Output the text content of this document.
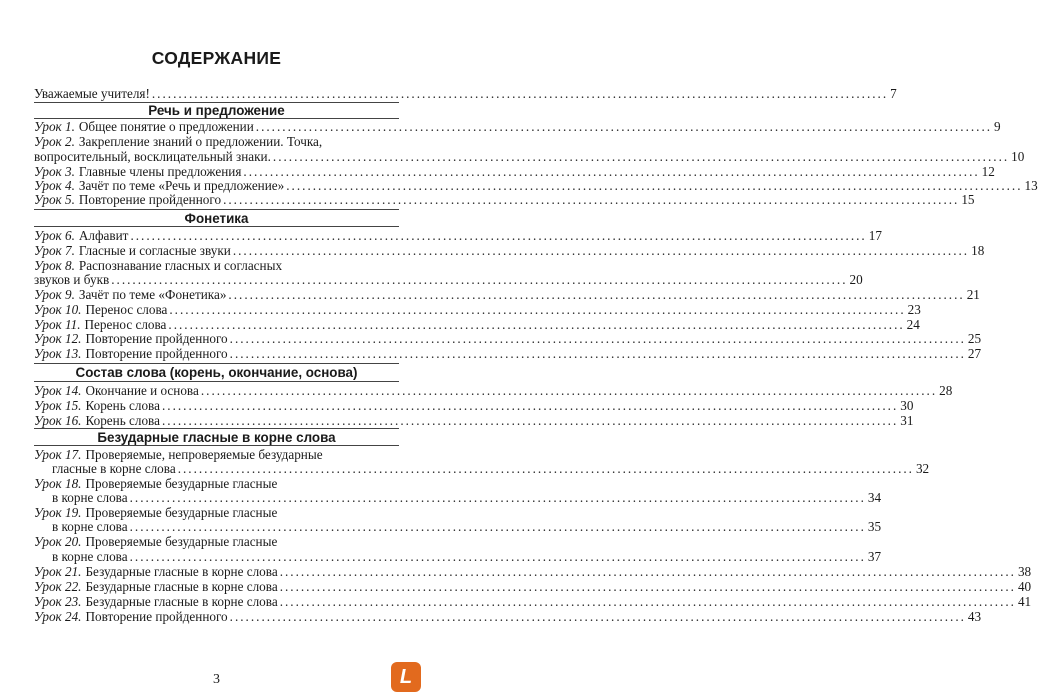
СОДЕРЖАНИЕ
Уважаемые учителя! ........................................................................................................................................... 7
Речь и предложение
Урок 1. Общее понятие о предложении ........................................................................................................................................... 9
Урок 2. Закрепление знаний о предложении. Точка,
вопросительный, восклицательный знаки. ........................................................................................................................................... 10
Урок 3. Главные члены предложения ........................................................................................................................................... 12
Урок 4. Зачёт по теме «Речь и предложение» ........................................................................................................................................... 13
Урок 5. Повторение пройденного ........................................................................................................................................... 15
Фонетика
Урок 6. Алфавит ........................................................................................................................................... 17
Урок 7. Гласные и согласные звуки ........................................................................................................................................... 18
Урок 8. Распознавание гласных и согласных
звуков и букв ........................................................................................................................................... 20
Урок 9. Зачёт по теме «Фонетика» ........................................................................................................................................... 21
Урок 10. Перенос слова ........................................................................................................................................... 23
Урок 11. Перенос слова ........................................................................................................................................... 24
Урок 12. Повторение пройденного ........................................................................................................................................... 25
Урок 13. Повторение пройденного ........................................................................................................................................... 27
Состав слова (корень, окончание, основа)
Урок 14. Окончание и основа ........................................................................................................................................... 28
Урок 15. Корень слова ........................................................................................................................................... 30
Урок 16. Корень слова ........................................................................................................................................... 31
Безударные гласные в корне слова
Урок 17. Проверяемые, непроверяемые безударные
гласные в корне слова ........................................................................................................................................... 32
Урок 18. Проверяемые безударные гласные
в корне слова ........................................................................................................................................... 34
Урок 19. Проверяемые безударные гласные
в корне слова ........................................................................................................................................... 35
Урок 20. Проверяемые безударные гласные
в корне слова ........................................................................................................................................... 37
Урок 21. Безударные гласные в корне слова ........................................................................................................................................... 38
Урок 22. Безударные гласные в корне слова ........................................................................................................................................... 40
Урок 23. Безударные гласные в корне слова ........................................................................................................................................... 41
Урок 24. Повторение пройденного ........................................................................................................................................... 43
3	L
